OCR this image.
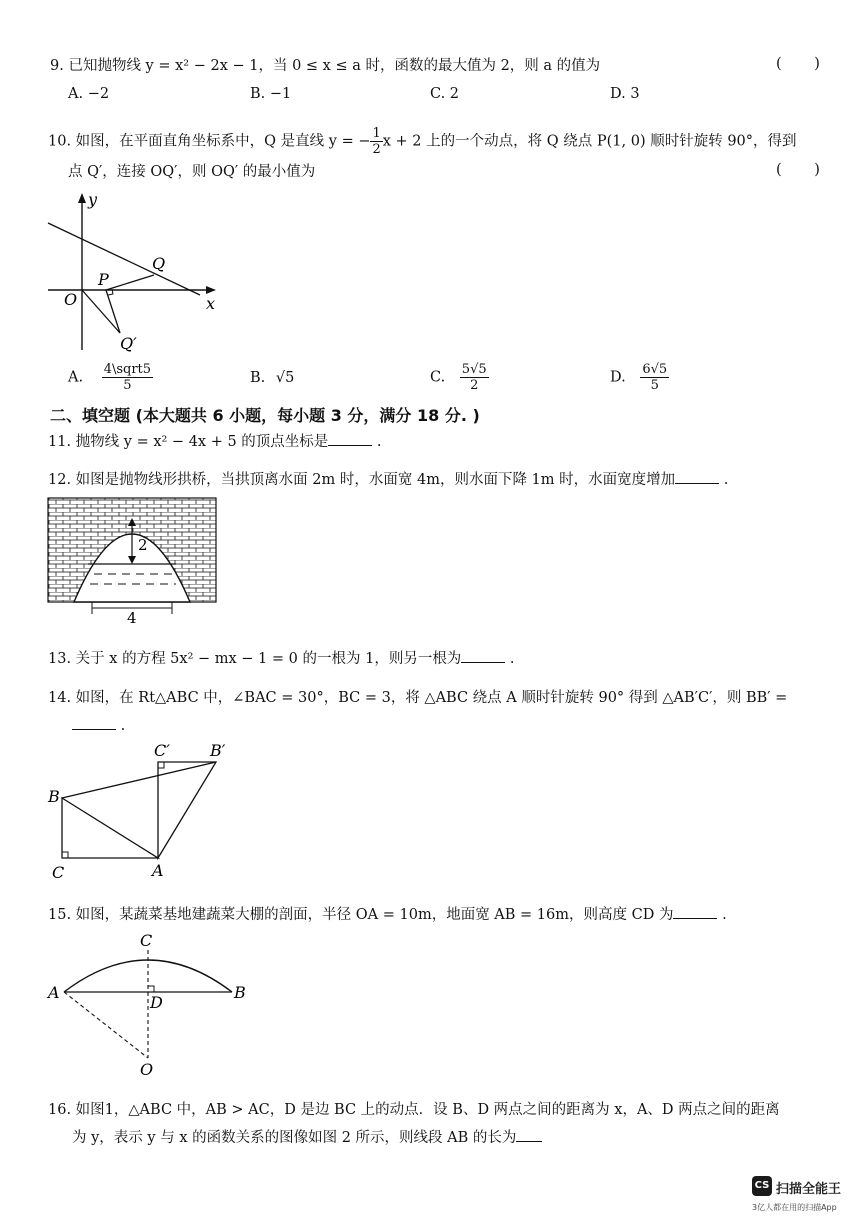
9. 已知抛物线 y = x² − 2x − 1，当 0 ≤ x ≤ a 时，函数的最大值为 2，则 a 的值为	( )
A. −2	B. −1	C. 2	D. 3
10. 如图，在平面直角坐标系中，Q 是直线 y = − $\frac{1}{2}$ x + 2 上的一个动点，将 Q 绕点 P(1, 0) 顺时针旋转 90°，得到
点 Q′，连接 OQ′，则 OQ′ 的最小值为	( )
y
x
O
P
Q
Q′
A. $\frac{\text{4\textbackslash{}sqrt5}}{5}$	B. √5	C. $\frac{5√5}{2}$	D. $\frac{6√5}{5}$
二、填空题 (本大题共 6 小题，每小题 3 分，满分 18 分. )
11. 抛物线 y = x² − 4x + 5 的顶点坐标是	.
12. 如图是抛物线形拱桥，当拱顶离水面 2m 时，水面宽 4m，则水面下降 1m 时，水面宽度增加	.
2
4
13. 关于 x 的方程 5x² − mx − 1 = 0 的一根为 1，则另一根为	.
14. 如图，在 Rt△ABC 中，∠BAC = 30°，BC = 3，将 △ABC 绕点 A 顺时针旋转 90° 得到 △AB′C′，则 BB′ =
.
C′	B′
B
C	A
15. 如图，某蔬菜基地建蔬菜大棚的剖面，半径 OA = 10m，地面宽 AB = 16m，则高度 CD 为	.
C
A
D
B
O
16. 如图1，△ABC 中，AB > AC，D 是边 BC 上的动点．设 B、D 两点之间的距离为 x，A、D 两点之间的距离
为 y，表示 y 与 x 的函数关系的图像如图 2 所示，则线段 AB 的长为
CS 扫描全能王
3亿人都在用的扫描App
